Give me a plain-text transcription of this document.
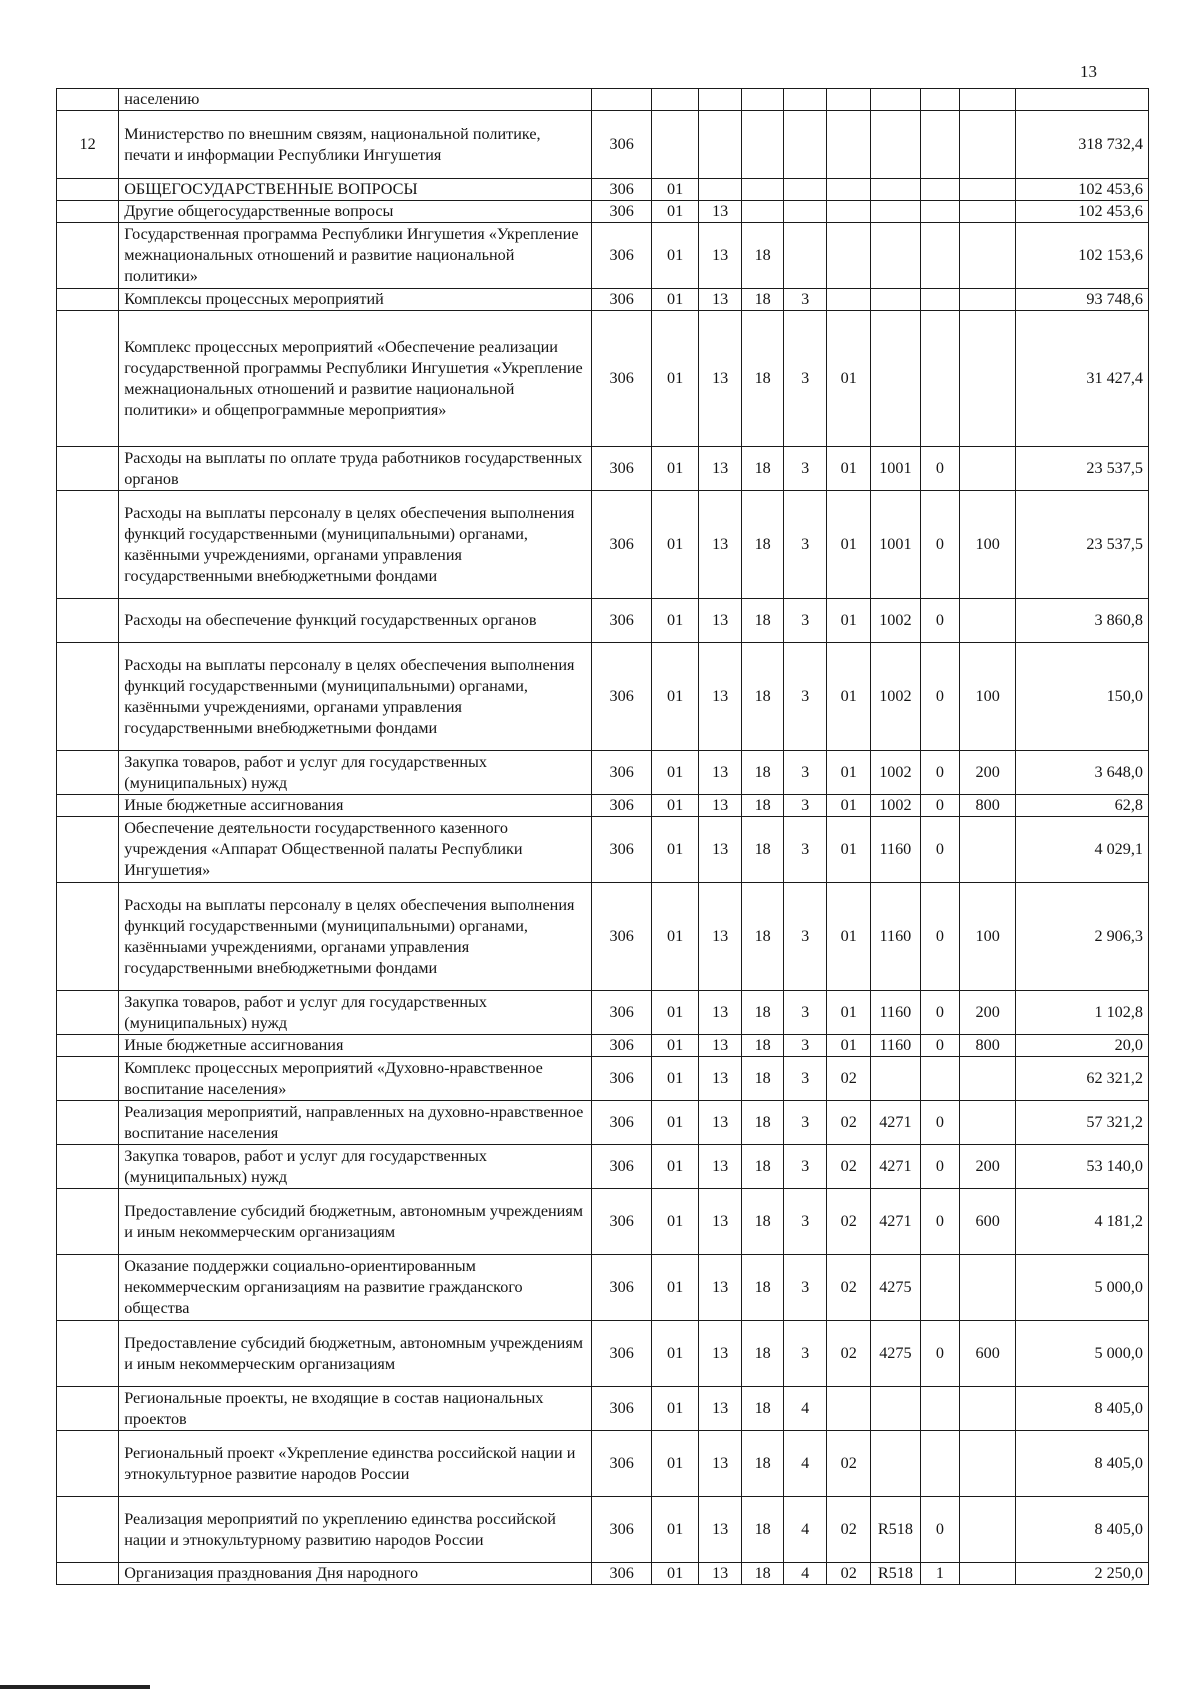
13
	населению										
12	Министерство по внешним связям, национальной политике, печати и информации Республики Ингушетия	306									318 732,4
	ОБЩЕГОСУДАРСТВЕННЫЕ ВОПРОСЫ	306	01								102 453,6
	Другие общегосударственные вопросы	306	01	13							102 453,6
	Государственная программа Республики Ингушетия «Укрепление межнациональных отношений и развитие национальной политики»	306	01	13	18						102 153,6
	Комплексы процессных мероприятий	306	01	13	18	3					93 748,6
	Комплекс процессных мероприятий «Обеспечение реализации государственной программы Республики Ингушетия «Укрепление межнациональных отношений и развитие национальной политики» и общепрограммные мероприятия»	306	01	13	18	3	01				31 427,4
	Расходы на выплаты по оплате труда работников государственных органов	306	01	13	18	3	01	1001	0		23 537,5
	Расходы на выплаты персоналу в целях обеспечения выполнения функций государственными (муниципальными) органами, казёнными учреждениями, органами управления государственными внебюджетными фондами	306	01	13	18	3	01	1001	0	100	23 537,5
	Расходы на обеспечение функций государственных органов	306	01	13	18	3	01	1002	0		3 860,8
	Расходы на выплаты персоналу в целях обеспечения выполнения функций государственными (муниципальными) органами, казёнными учреждениями, органами управления государственными внебюджетными фондами	306	01	13	18	3	01	1002	0	100	150,0
	Закупка товаров, работ и услуг для государственных (муниципальных) нужд	306	01	13	18	3	01	1002	0	200	3 648,0
	Иные бюджетные ассигнования	306	01	13	18	3	01	1002	0	800	62,8
	Обеспечение деятельности государственного казенного учреждения «Аппарат Общественной палаты Республики Ингушетия»	306	01	13	18	3	01	1160	0		4 029,1
	Расходы на выплаты персоналу в целях обеспечения выполнения функций государственными (муниципальными) органами, казённыами учреждениями, органами управления государственными внебюджетными фондами	306	01	13	18	3	01	1160	0	100	2 906,3
	Закупка товаров, работ и услуг для государственных (муниципальных) нужд	306	01	13	18	3	01	1160	0	200	1 102,8
	Иные бюджетные ассигнования	306	01	13	18	3	01	1160	0	800	20,0
	Комплекс процессных мероприятий «Духовно-нравственное воспитание населения»	306	01	13	18	3	02				62 321,2
	Реализация мероприятий, направленных на духовно-нравственное воспитание населения	306	01	13	18	3	02	4271	0		57 321,2
	Закупка товаров, работ и услуг для государственных (муниципальных) нужд	306	01	13	18	3	02	4271	0	200	53 140,0
	Предоставление субсидий бюджетным, автономным учреждениям и иным некоммерческим организациям	306	01	13	18	3	02	4271	0	600	4 181,2
	Оказание поддержки социально-ориентированным некоммерческим организациям на развитие гражданского общества	306	01	13	18	3	02	4275			5 000,0
	Предоставление субсидий бюджетным, автономным учреждениям и иным некоммерческим организациям	306	01	13	18	3	02	4275	0	600	5 000,0
	Региональные проекты, не входящие в состав национальных проектов	306	01	13	18	4					8 405,0
	Региональный проект «Укрепление единства российской нации и этнокультурное развитие народов России	306	01	13	18	4	02				8 405,0
	Реализация мероприятий по укреплению единства российской нации и этнокультурному развитию народов России	306	01	13	18	4	02	R518	0		8 405,0
	Организация празднования Дня народного	306	01	13	18	4	02	R518	1		2 250,0
